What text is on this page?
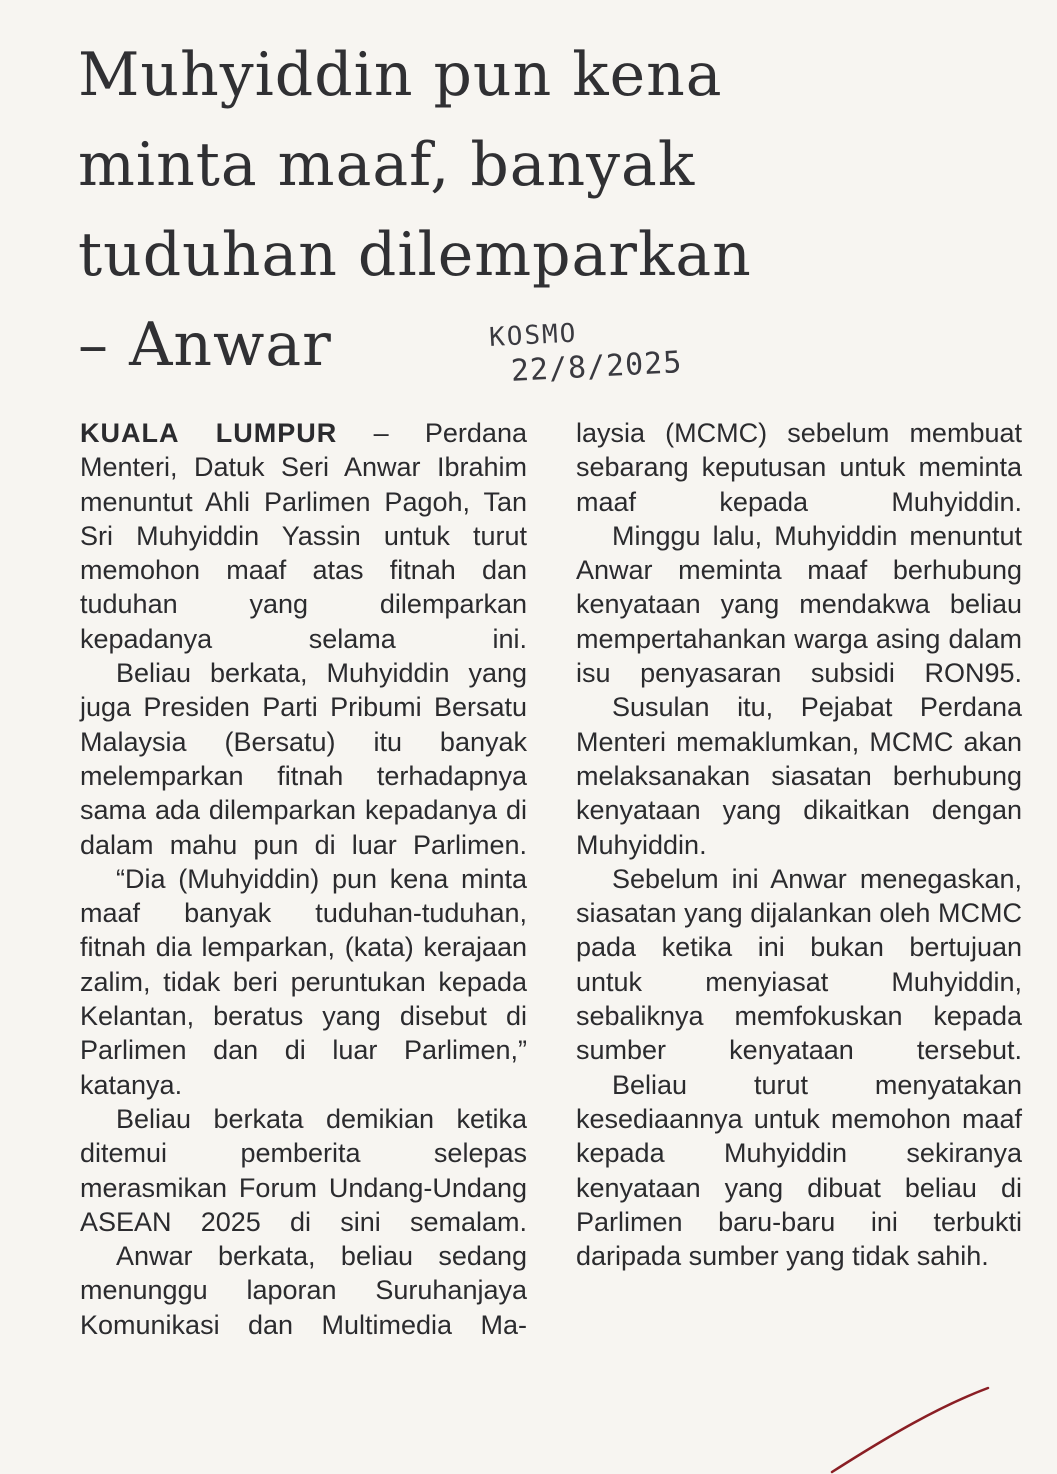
Muhyiddin pun kena
minta maaf, banyak
tuduhan dilemparkan
– Anwar	KOSMO
22/8/2025

KUALA LUMPUR – Perdana Menteri, Datuk Seri Anwar Ibrahim menuntut Ahli Parlimen Pagoh, Tan Sri Muhyiddin Yassin untuk turut memohon maaf atas fitnah dan tuduhan yang dilemparkan kepadanya selama ini.

Beliau berkata, Muhyiddin yang juga Presiden Parti Pribumi Bersatu Malaysia (Bersatu) itu banyak melemparkan fitnah terhadapnya sama ada dilemparkan kepadanya di dalam mahu pun di luar Parlimen.

“Dia (Muhyiddin) pun kena minta maaf banyak tuduhan-tuduhan, fitnah dia lemparkan, (kata) kerajaan zalim, tidak beri peruntukan kepada Kelantan, beratus yang disebut di Parlimen dan di luar Parlimen,” katanya.

Beliau berkata demikian ketika ditemui pemberita selepas merasmikan Forum Undang-Undang ASEAN 2025 di sini semalam.

Anwar berkata, beliau sedang menunggu laporan Suruhanjaya Komunikasi dan Multimedia Ma-

laysia (MCMC) sebelum membuat sebarang keputusan untuk meminta maaf kepada Muhyiddin.

Minggu lalu, Muhyiddin menuntut Anwar meminta maaf berhubung kenyataan yang mendakwa beliau mempertahankan warga asing dalam isu penyasaran subsidi RON95.

Susulan itu, Pejabat Perdana Menteri memaklumkan, MCMC akan melaksanakan siasatan berhubung kenyataan yang dikaitkan dengan Muhyiddin.

Sebelum ini Anwar menegaskan, siasatan yang dijalankan oleh MCMC pada ketika ini bukan bertujuan untuk menyiasat Muhyiddin, sebaliknya memfokuskan kepada sumber kenyataan tersebut.

Beliau turut menyatakan kesediaannya untuk memohon maaf kepada Muhyiddin sekiranya kenyataan yang dibuat beliau di Parlimen baru-baru ini terbukti daripada sumber yang tidak sahih.
